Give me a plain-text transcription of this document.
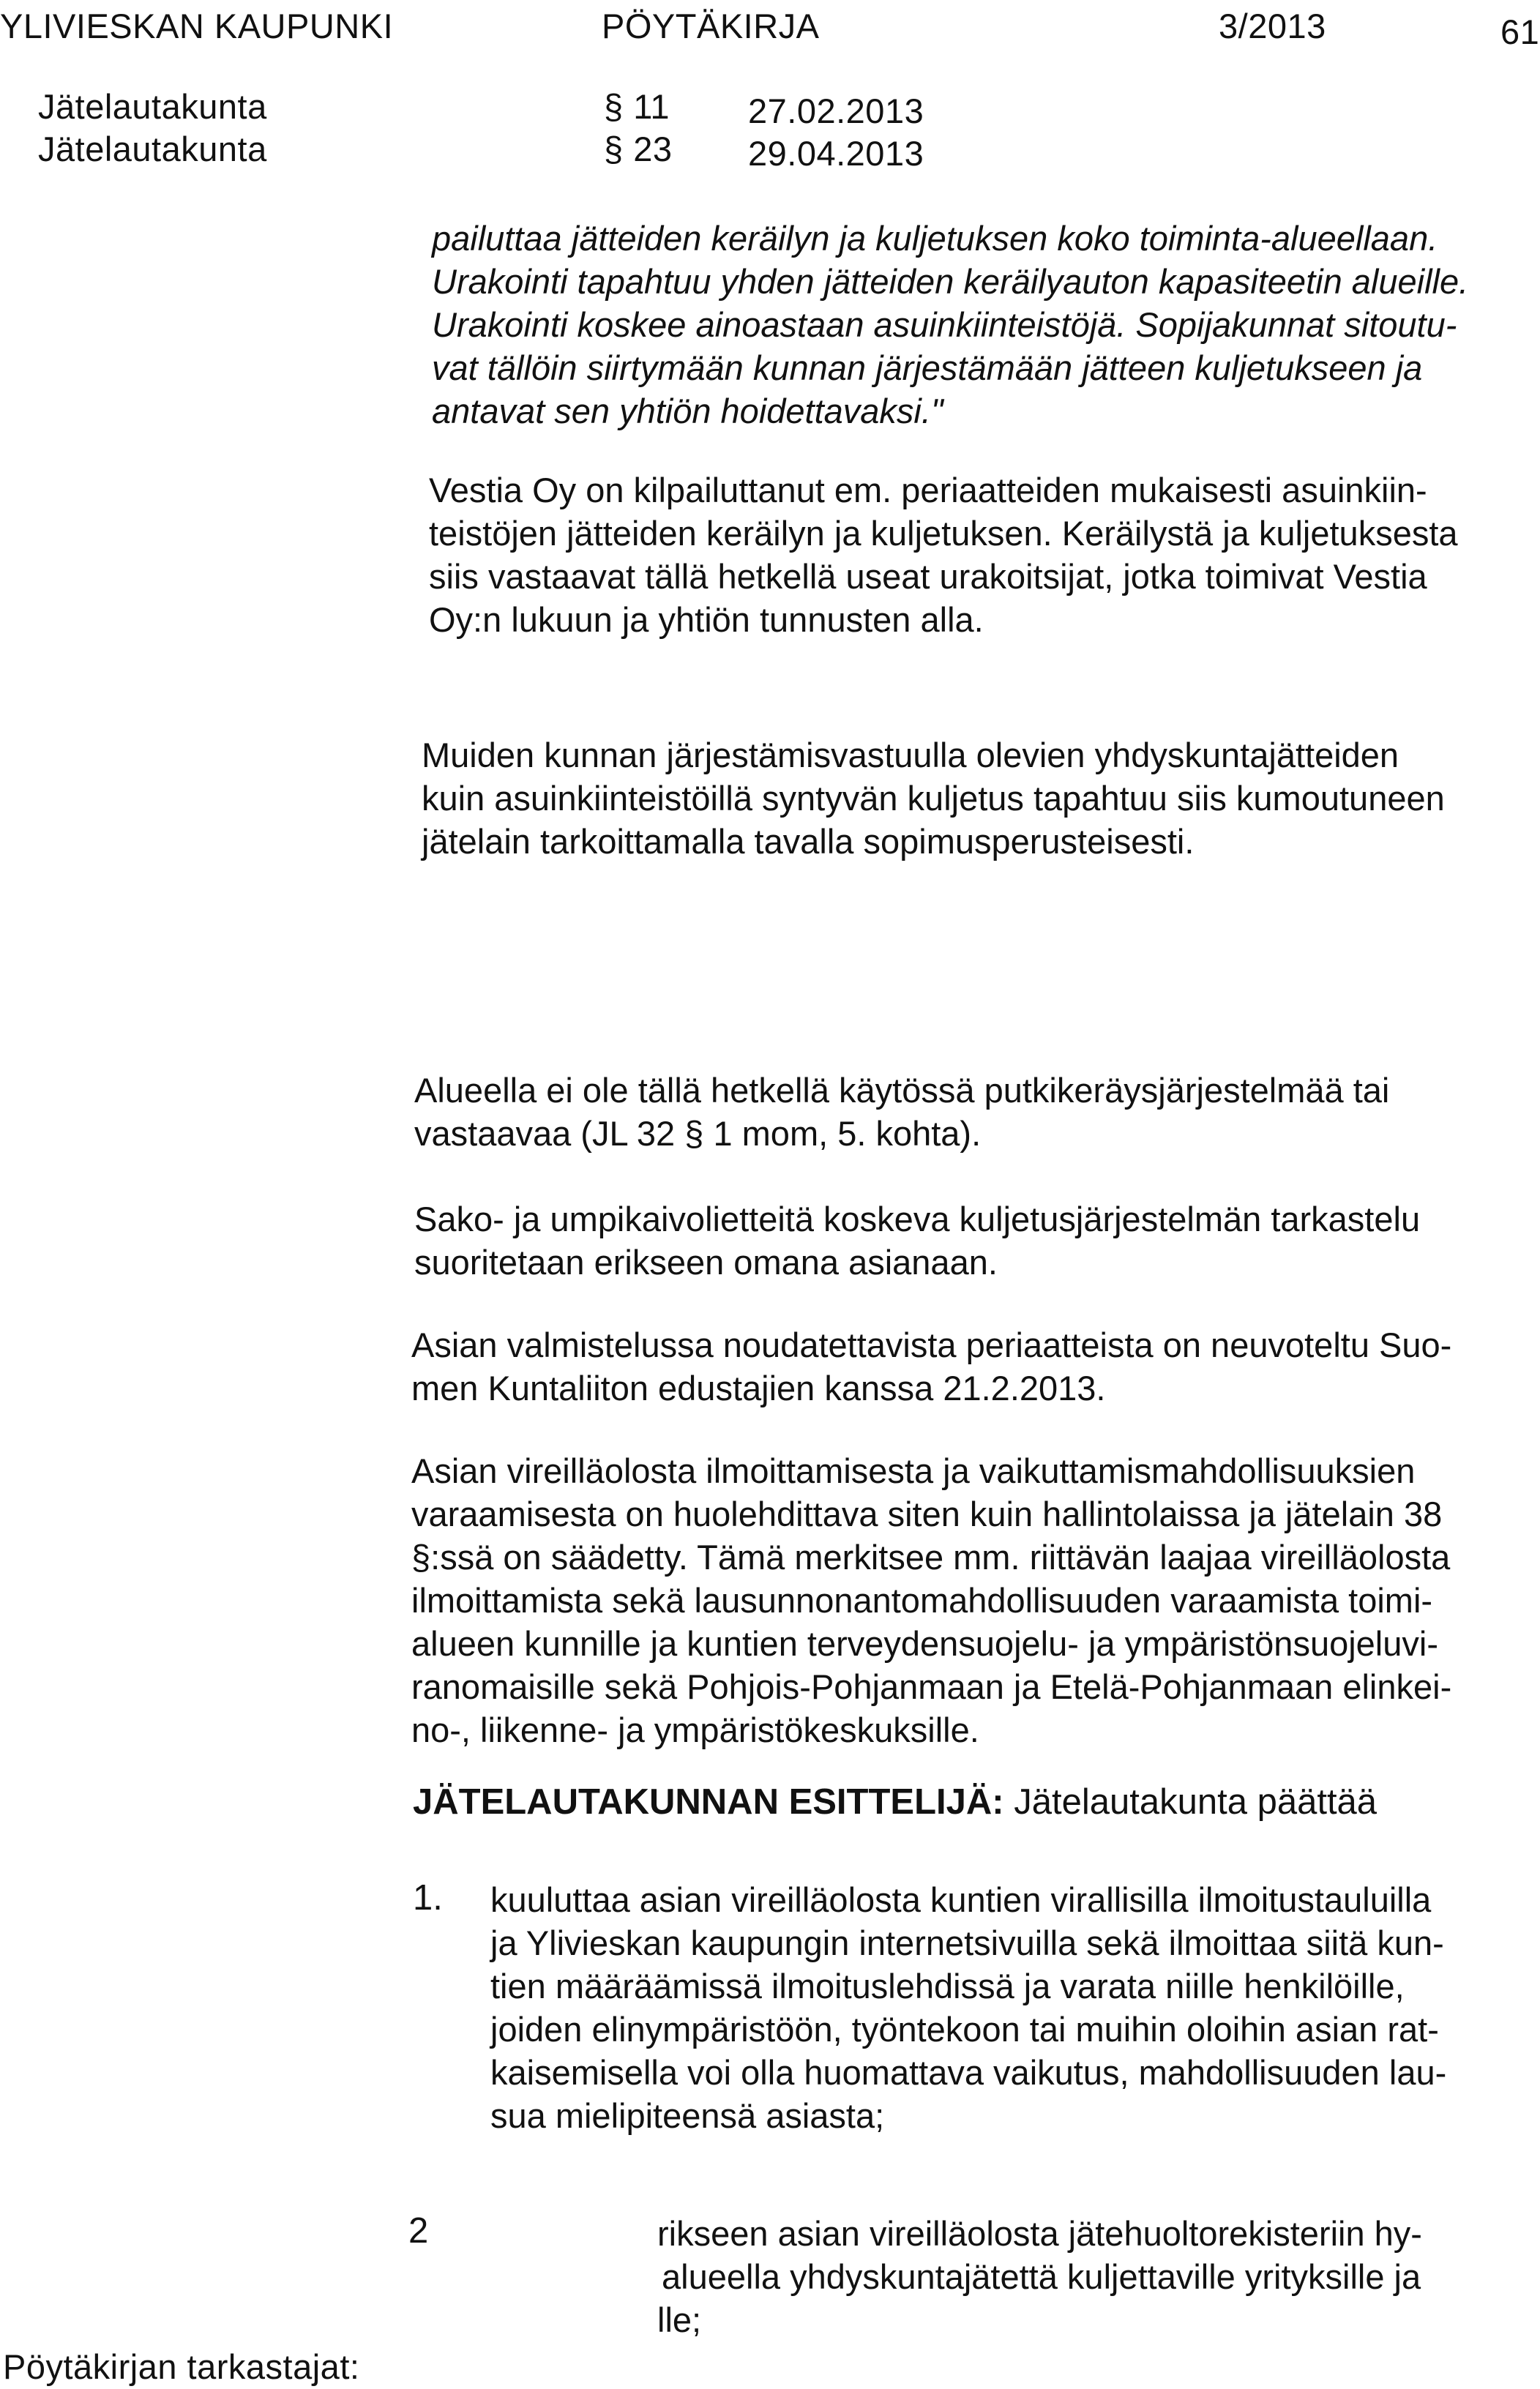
YLIVIESKAN KAUPUNKI	PÖYTÄKIRJA	3/2013	61
Jätelautakunta	§ 11 27.02.2013
Jätelautakunta	§ 23 29.04.2013
pailuttaa jätteiden keräilyn ja kuljetuksen koko toiminta-alueellaan.
Urakointi tapahtuu yhden jätteiden keräilyauton kapasiteetin alueille.
Urakointi koskee ainoastaan asuinkiinteistöjä. Sopijakunnat sitoutu-
vat tällöin siirtymään kunnan järjestämään jätteen kuljetukseen ja
antavat sen yhtiön hoidettavaksi."
Vestia Oy on kilpailuttanut em. periaatteiden mukaisesti asuinkiin-
teistöjen jätteiden keräilyn ja kuljetuksen. Keräilystä ja kuljetuksesta
siis vastaavat tällä hetkellä useat urakoitsijat, jotka toimivat Vestia
Oy:n lukuun ja yhtiön tunnusten alla.
Muiden kunnan järjestämisvastuulla olevien yhdyskuntajätteiden
kuin asuinkiinteistöillä syntyvän kuljetus tapahtuu siis kumoutuneen
jätelain tarkoittamalla tavalla sopimusperusteisesti.
Alueella ei ole tällä hetkellä käytössä putkikeräysjärjestelmää tai
vastaavaa (JL 32 § 1 mom, 5. kohta).
Sako- ja umpikaivolietteitä koskeva kuljetusjärjestelmän tarkastelu
suoritetaan erikseen omana asianaan.
Asian valmistelussa noudatettavista periaatteista on neuvoteltu Suo-
men Kuntaliiton edustajien kanssa 21.2.2013.
Asian vireilläolosta ilmoittamisesta ja vaikuttamismahdollisuuksien
varaamisesta on huolehdittava siten kuin hallintolaissa ja jätelain 38
§:ssä on säädetty. Tämä merkitsee mm. riittävän laajaa vireilläolosta
ilmoittamista sekä lausunnonantomahdollisuuden varaamista toimi-
alueen kunnille ja kuntien terveydensuojelu- ja ympäristönsuojeluvi-
ranomaisille sekä Pohjois-Pohjanmaan ja Etelä-Pohjanmaan elinkei-
no-, liikenne- ja ympäristökeskuksille.
JÄTELAUTAKUNNAN ESITTELIJÄ: Jätelautakunta päättää
1. kuuluttaa asian vireilläolosta kuntien virallisilla ilmoitustauluilla
ja Ylivieskan kaupungin internetsivuilla sekä ilmoittaa siitä kun-
tien määräämissä ilmoituslehdissä ja varata niille henkilöille,
joiden elinympäristöön, työntekoon tai muihin oloihin asian rat-
kaisemisella voi olla huomattava vaikutus, mahdollisuuden lau-
sua mielipiteensä asiasta;
2	rikseen asian vireilläolosta jätehuoltorekisteriin hy-
alueella yhdyskuntajätettä kuljettaville yrityksille ja
lle;
Pöytäkirjan tarkastajat:
